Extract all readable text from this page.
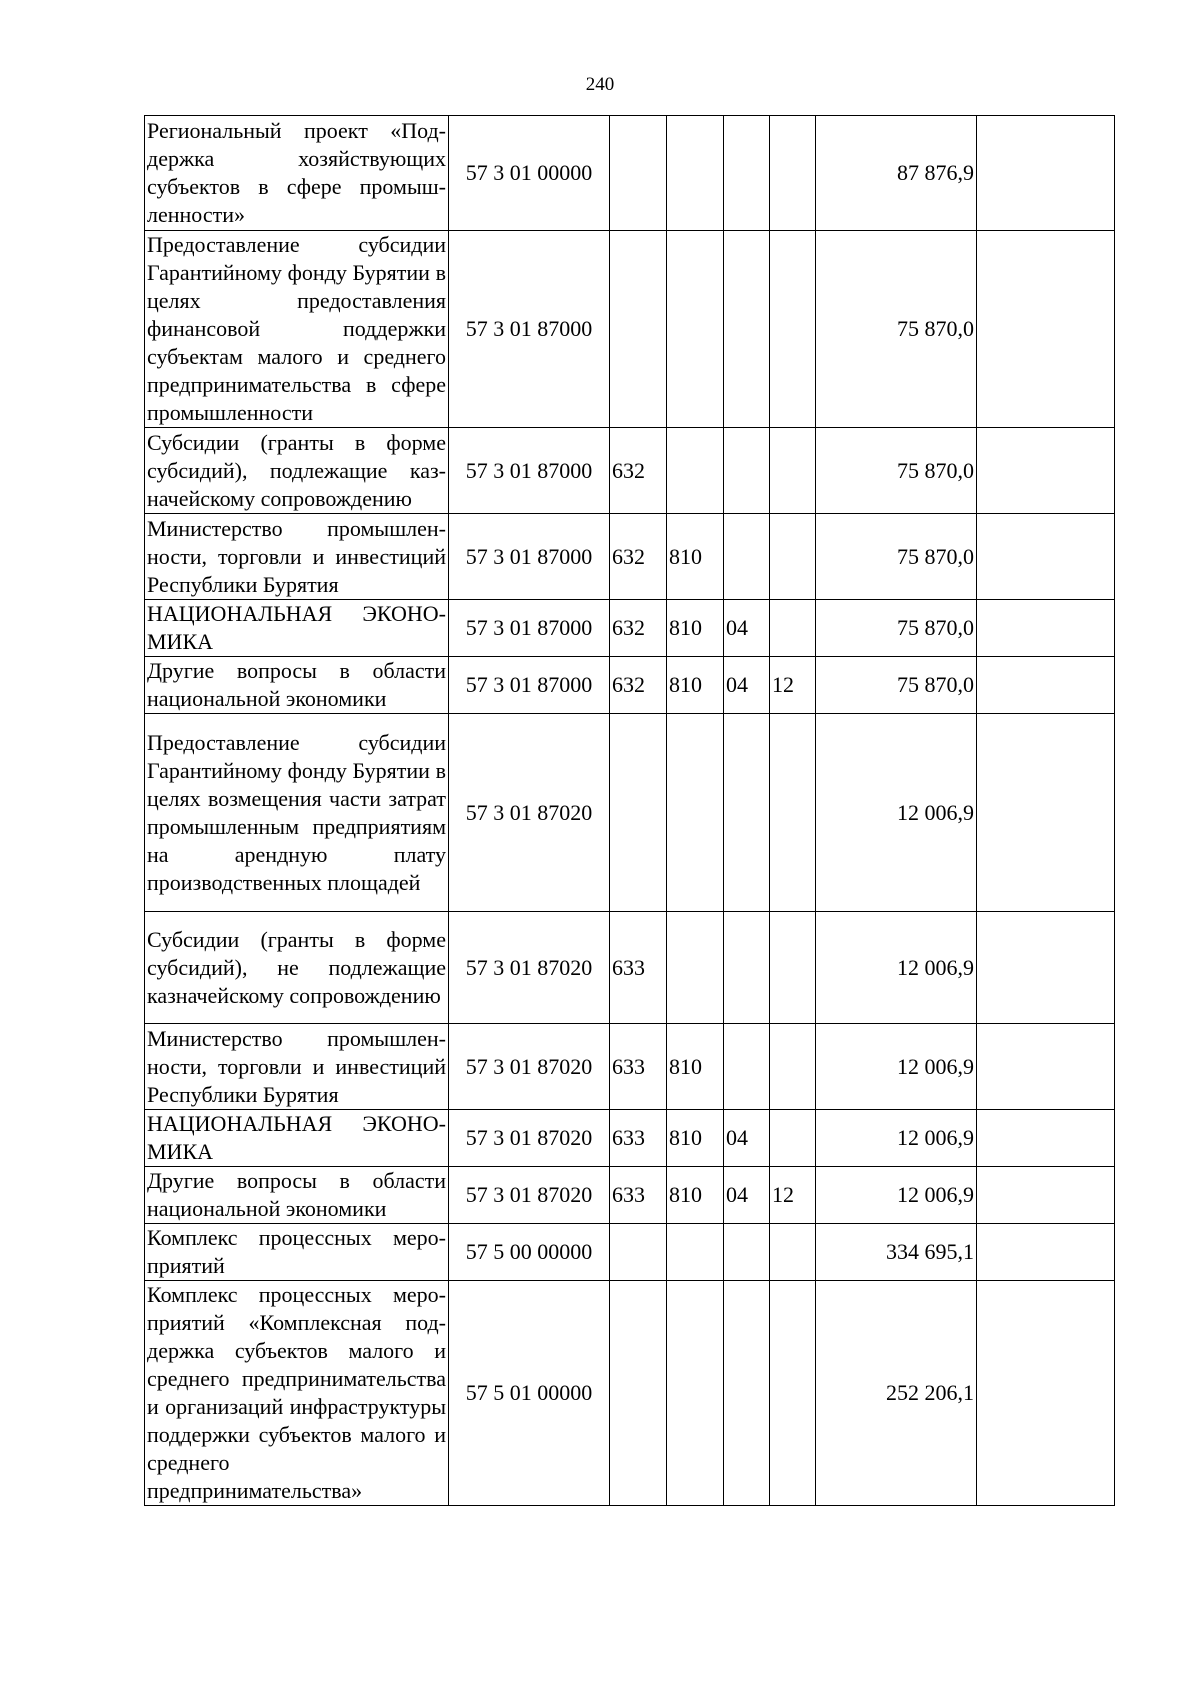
240
Региональный проект «Поддержка хозяйствующих субъектов в сфере промышленности»	57 3 01 00000					87 876,9	
Предоставление субсидии Гарантийному фонду Бурятии в целях предоставления финансовой поддержки субъектам малого и среднего предпринимательства в сфере промышленности	57 3 01 87000					75 870,0	
Субсидии (гранты в форме субсидий), подлежащие казначейскому сопровождению	57 3 01 87000	632				75 870,0	
Министерство промышленности, торговли и инвестиций Республики Бурятия	57 3 01 87000	632	810			75 870,0	
НАЦИОНАЛЬНАЯ ЭКОНОМИКА	57 3 01 87000	632	810	04		75 870,0	
Другие вопросы в области национальной экономики	57 3 01 87000	632	810	04	12	75 870,0	
Предоставление субсидии Гарантийному фонду Бурятии в целях возмещения части затрат промышленным предприятиям на арендную плату производственных площадей	57 3 01 87020					12 006,9	
Субсидии (гранты в форме субсидий), не подлежащие казначейскому сопровождению	57 3 01 87020	633				12 006,9	
Министерство промышленности, торговли и инвестиций Республики Бурятия	57 3 01 87020	633	810			12 006,9	
НАЦИОНАЛЬНАЯ ЭКОНОМИКА	57 3 01 87020	633	810	04		12 006,9	
Другие вопросы в области национальной экономики	57 3 01 87020	633	810	04	12	12 006,9	
Комплекс процессных мероприятий	57 5 00 00000					334 695,1	
Комплекс процессных мероприятий «Комплексная поддержка субъектов малого и среднего предпринимательства и организаций инфраструктуры поддержки субъектов малого и среднего предпринимательства»	57 5 01 00000					252 206,1	
